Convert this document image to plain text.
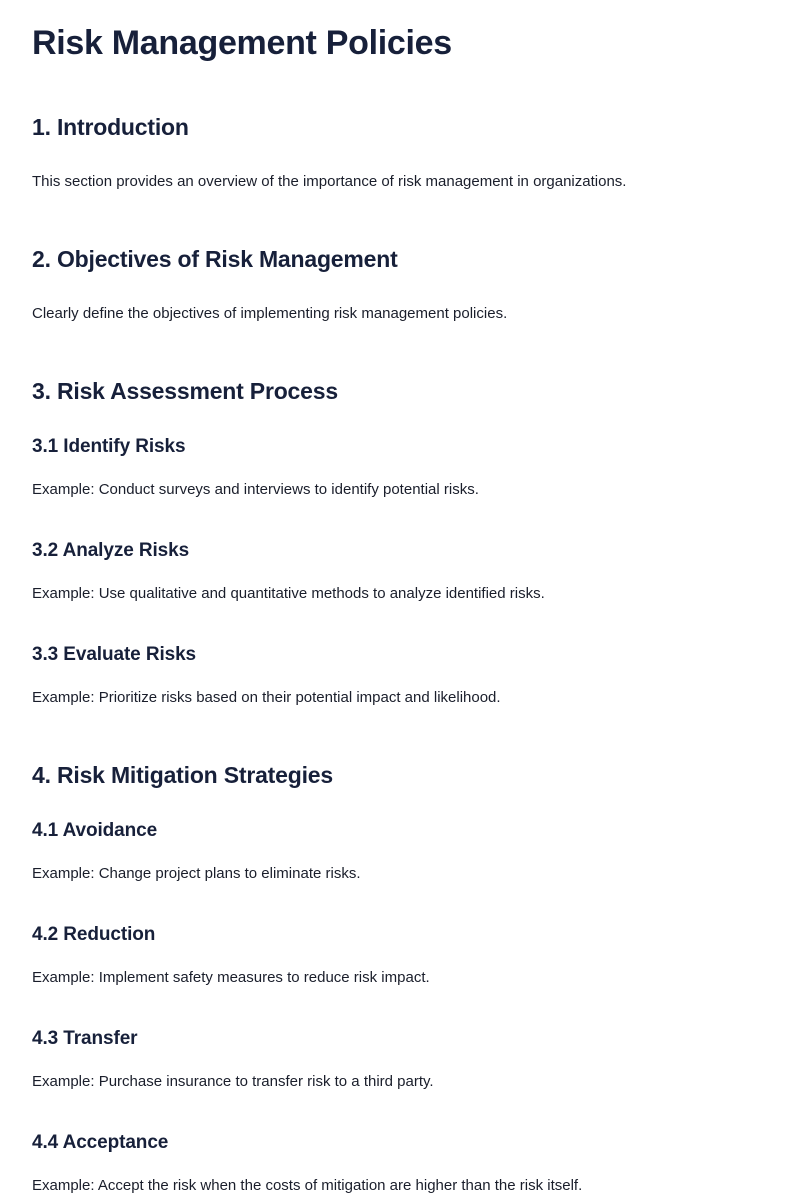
Risk Management Policies
1. Introduction

This section provides an overview of the importance of risk management in organizations.

2. Objectives of Risk Management

Clearly define the objectives of implementing risk management policies.

3. Risk Assessment Process
3.1 Identify Risks

Example: Conduct surveys and interviews to identify potential risks.

3.2 Analyze Risks

Example: Use qualitative and quantitative methods to analyze identified risks.

3.3 Evaluate Risks

Example: Prioritize risks based on their potential impact and likelihood.

4. Risk Mitigation Strategies
4.1 Avoidance

Example: Change project plans to eliminate risks.

4.2 Reduction

Example: Implement safety measures to reduce risk impact.

4.3 Transfer

Example: Purchase insurance to transfer risk to a third party.

4.4 Acceptance

Example: Accept the risk when the costs of mitigation are higher than the risk itself.
